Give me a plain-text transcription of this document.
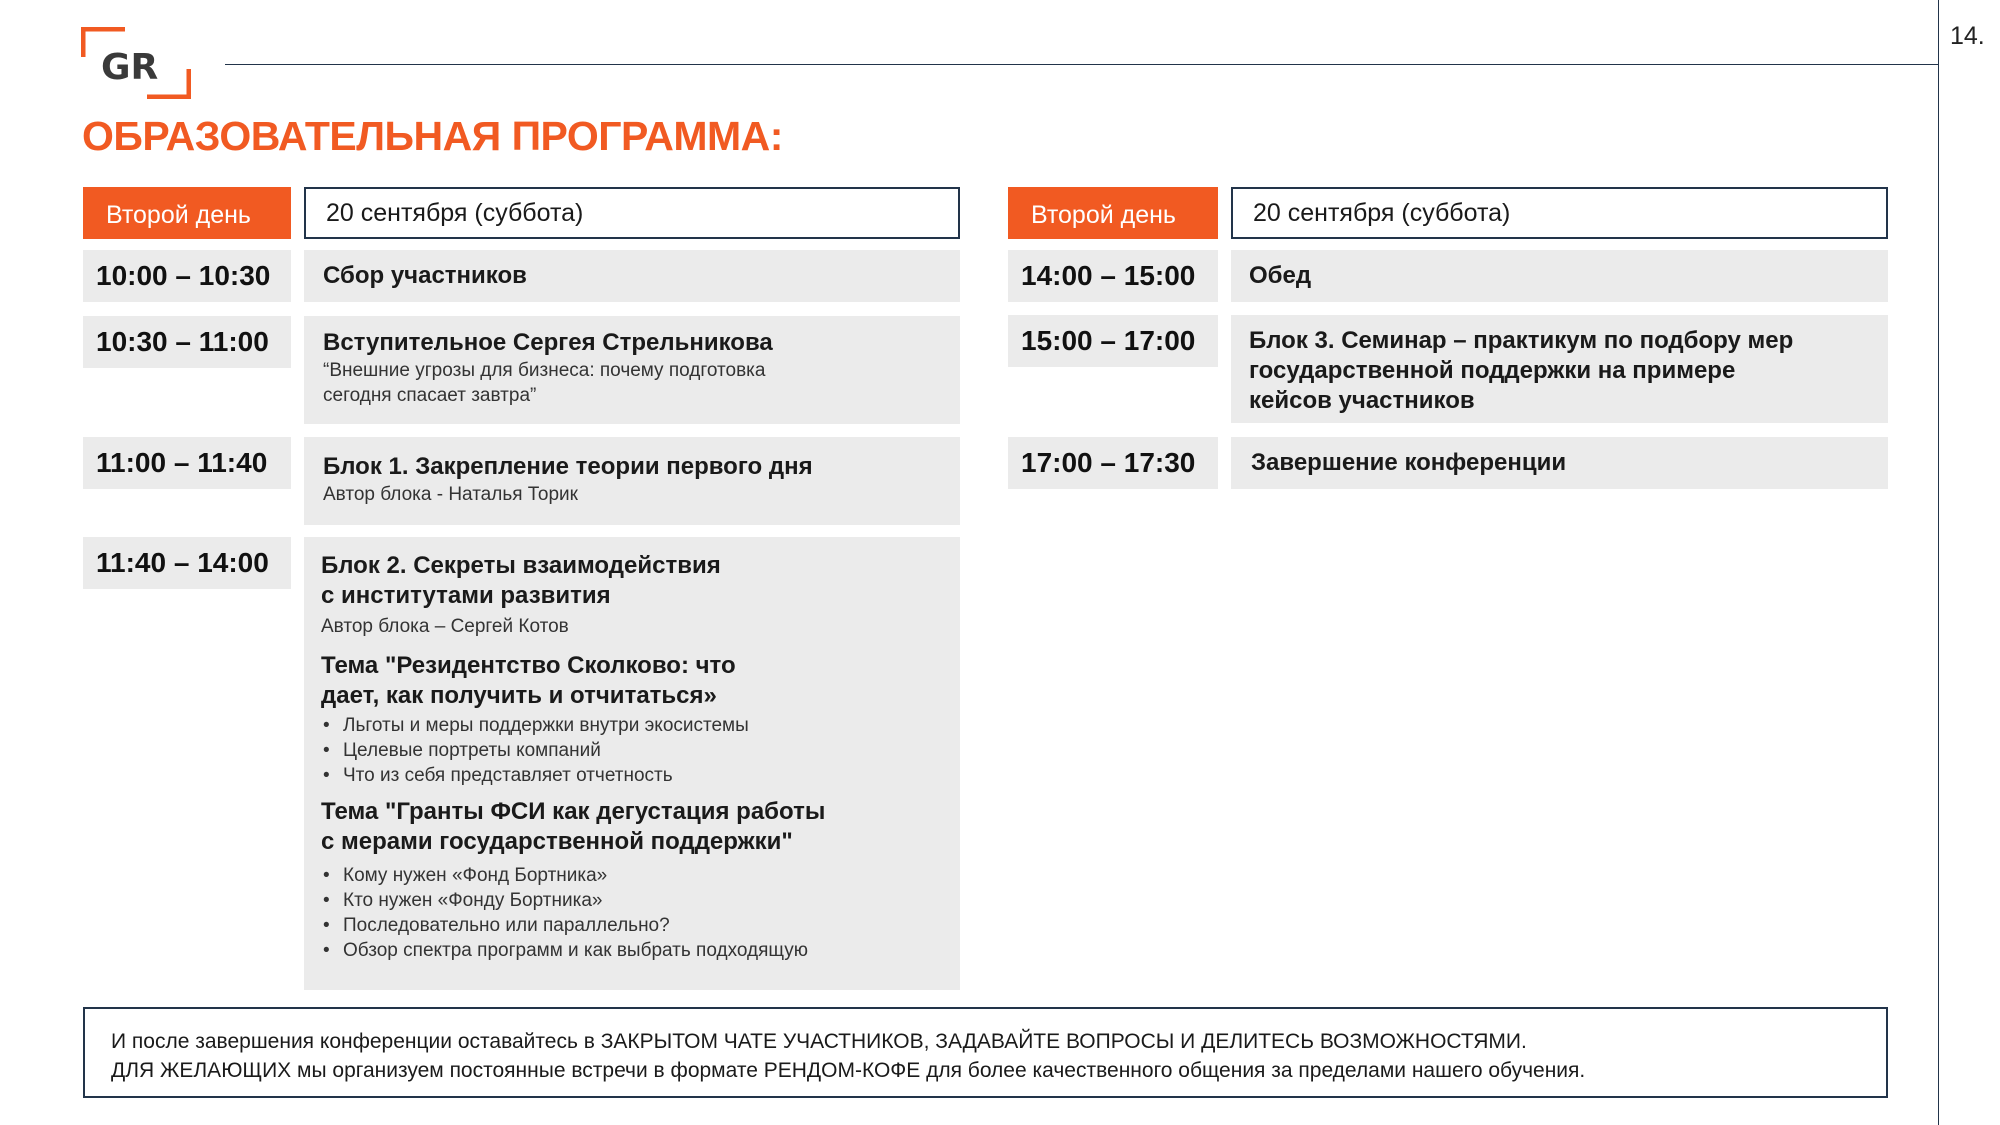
14.
GR
ОБРАЗОВАТЕЛЬНАЯ ПРОГРАММА:
Второй день	20 сентября (суббота)
10:00 – 10:30	Сбор участников
10:30 – 11:00	Вступительное Сергея Стрельникова
“Внешние угрозы для бизнеса: почему подготовка
сегодня спасает завтра”
11:00 – 11:40	Блок 1. Закрепление теории первого дня
Автор блока - Наталья Торик
11:40 – 14:00	Блок 2. Секреты взаимодействия
с институтами развития
Автор блока – Сергей Котов
Тема "Резидентство Сколково: что
дает, как получить и отчитаться»
• Льготы и меры поддержки внутри экосистемы
• Целевые портреты компаний
• Что из себя представляет отчетность
Тема "Гранты ФСИ как дегустация работы
с мерами государственной поддержки"
• Кому нужен «Фонд Бортника»
• Кто нужен «Фонду Бортника»
• Последовательно или параллельно?
• Обзор спектра программ и как выбрать подходящую
Второй день	20 сентября (суббота)
14:00 – 15:00	Обед
15:00 – 17:00	Блок 3. Семинар – практикум по подбору мер
государственной поддержки на примере
кейсов участников
17:00 – 17:30	Завершение конференции
И после завершения конференции оставайтесь в ЗАКРЫТОМ ЧАТЕ УЧАСТНИКОВ, ЗАДАВАЙТЕ ВОПРОСЫ И ДЕЛИТЕСЬ ВОЗМОЖНОСТЯМИ.
ДЛЯ ЖЕЛАЮЩИХ мы организуем постоянные встречи в формате РЕНДОМ-КОФЕ для более качественного общения за пределами нашего обучения.
